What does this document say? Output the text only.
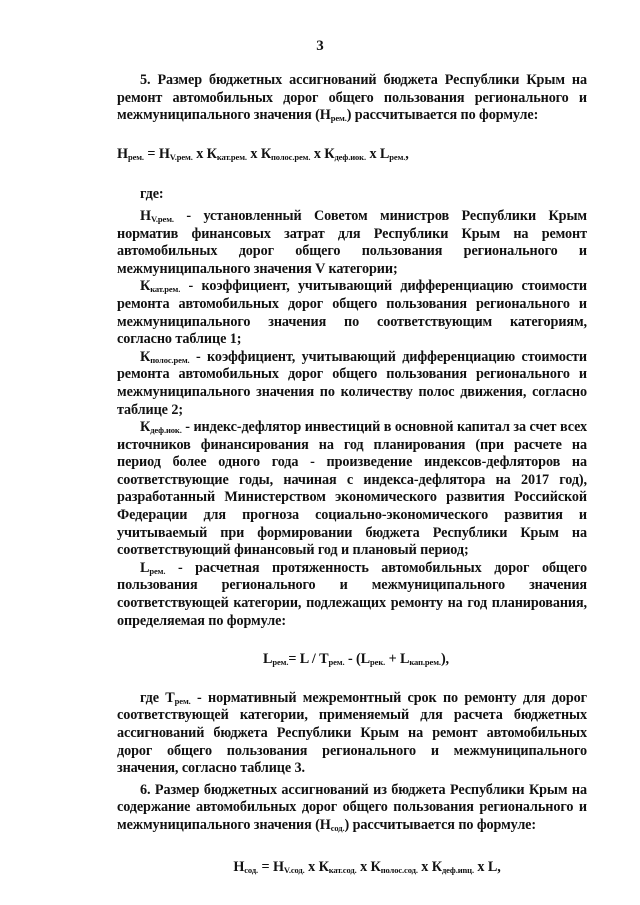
3

5. Размер бюджетных ассигнований бюджета Республики Крым на ремонт автомобильных дорог общего пользования регионального и межмуниципального значения $(Н_{рем.})$ рассчитывается по формуле:

$Н_{рем.} = Н_{V.рем.}$ х $К_{кат.рем.}$ х $К_{полос.рем.}$ х $К_{деф.иок.}$ х $L_{рем.}$,

где:

$Н_{V.рем.}$ - установленный Советом министров Республики Крым норматив финансовых затрат для Республики Крым на ремонт автомобильных дорог общего пользования регионального и межмуниципального значения V категории;

$К_{кат.рем.}$ - коэффициент, учитывающий дифференциацию стоимости ремонта автомобильных дорог общего пользования регионального и межмуниципального значения по соответствующим категориям, согласно таблице 1;

$К_{полос.рем.}$ - коэффициент, учитывающий дифференциацию стоимости ремонта автомобильных дорог общего пользования регионального и межмуниципального значения по количеству полос движения, согласно таблице 2;

$К_{деф.иок.}$ - индекс-дефлятор инвестиций в основной капитал за счет всех источников финансирования на год планирования (при расчете на период более одного года - произведение индексов-дефляторов на соответствующие годы, начиная с индекса-дефлятора на 2017 год), разработанный Министерством экономического развития Российской Федерации для прогноза социально-экономического развития и учитываемый при формировании бюджета Республики Крым на соответствующий финансовый год и плановый период;

$L_{рем.}$ - расчетная протяженность автомобильных дорог общего пользования регионального и межмуниципального значения соответствующей категории, подлежащих ремонту на год планирования, определяемая по формуле:

$L_{рем.}= L / Т_{рем.} - (L_{рек.} + L_{кап.рем.})$,

где $Т_{рем.}$ - нормативный межремонтный срок по ремонту для дорог соответствующей категории, применяемый для расчета бюджетных ассигнований бюджета Республики Крым на ремонт автомобильных дорог общего пользования регионального и межмуниципального значения, согласно таблице 3.

6. Размер бюджетных ассигнований из бюджета Республики Крым на содержание автомобильных дорог общего пользования регионального и межмуниципального значения $(Н_{сод.})$ рассчитывается по формуле:

$Н_{сод.} = Н_{V.сод.}$ х $К_{кат.сод.}$ х $К_{полос.сод.}$ х $К_{деф.иnц.}$ х L,
